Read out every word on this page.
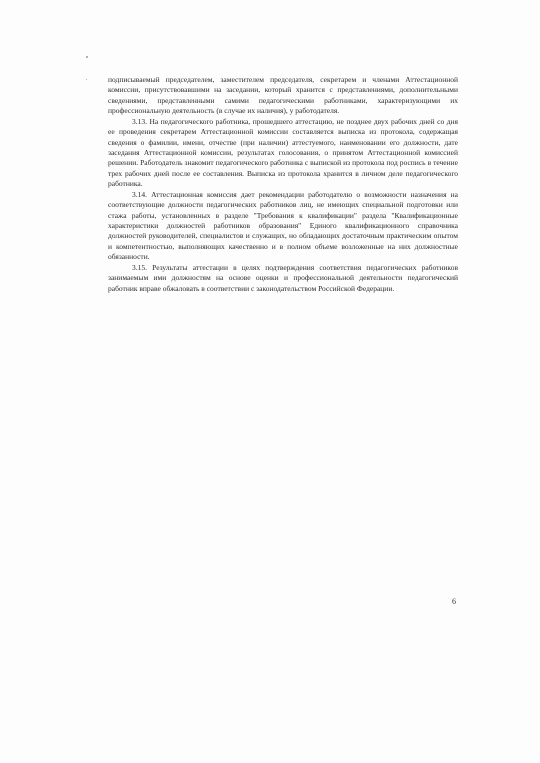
подписываемый председателем, заместителем председателя, секретарем и членами Аттестационной комиссии, присутствовавшими на заседании, который хранится с представлениями, дополнительными сведениями, представленными самими педагогическими работниками, характеризующими их профессиональную деятельность (в случае их наличия), у работодателя.

3.13. На педагогического работника, прошедшего аттестацию, не позднее двух рабочих дней со дня ее проведения секретарем Аттестационной комиссии составляется выписка из протокола, содержащая сведения о фамилии, имени, отчестве (при наличии) аттестуемого, наименовании его должности, дате заседания Аттестационной комиссии, результатах голосования, о принятом Аттестационной комиссией решении. Работодатель знакомит педагогического работника с выпиской из протокола под роспись в течение трех рабочих дней после ее составления. Выписка из протокола хранится в личном деле педагогического работника.

3.14. Аттестационная комиссия дает рекомендации работодателю о возможности назначения на соответствующие должности педагогических работников лиц, не имеющих специальной подготовки или стажа работы, установленных в разделе "Требования к квалификации" раздела "Квалификационные характеристики должностей работников образования" Единого квалификационного справочника должностей руководителей, специалистов и служащих, но обладающих достаточным практическим опытом и компетентностью, выполняющих качественно и в полном объеме возложенные на них должностные обязанности.

3.15. Результаты аттестации в целях подтверждения соответствия педагогических работников занимаемым ими должностям на основе оценки и профессиональной деятельности педагогический работник вправе обжаловать в соответствии с законодательством Российской Федерации.

6
